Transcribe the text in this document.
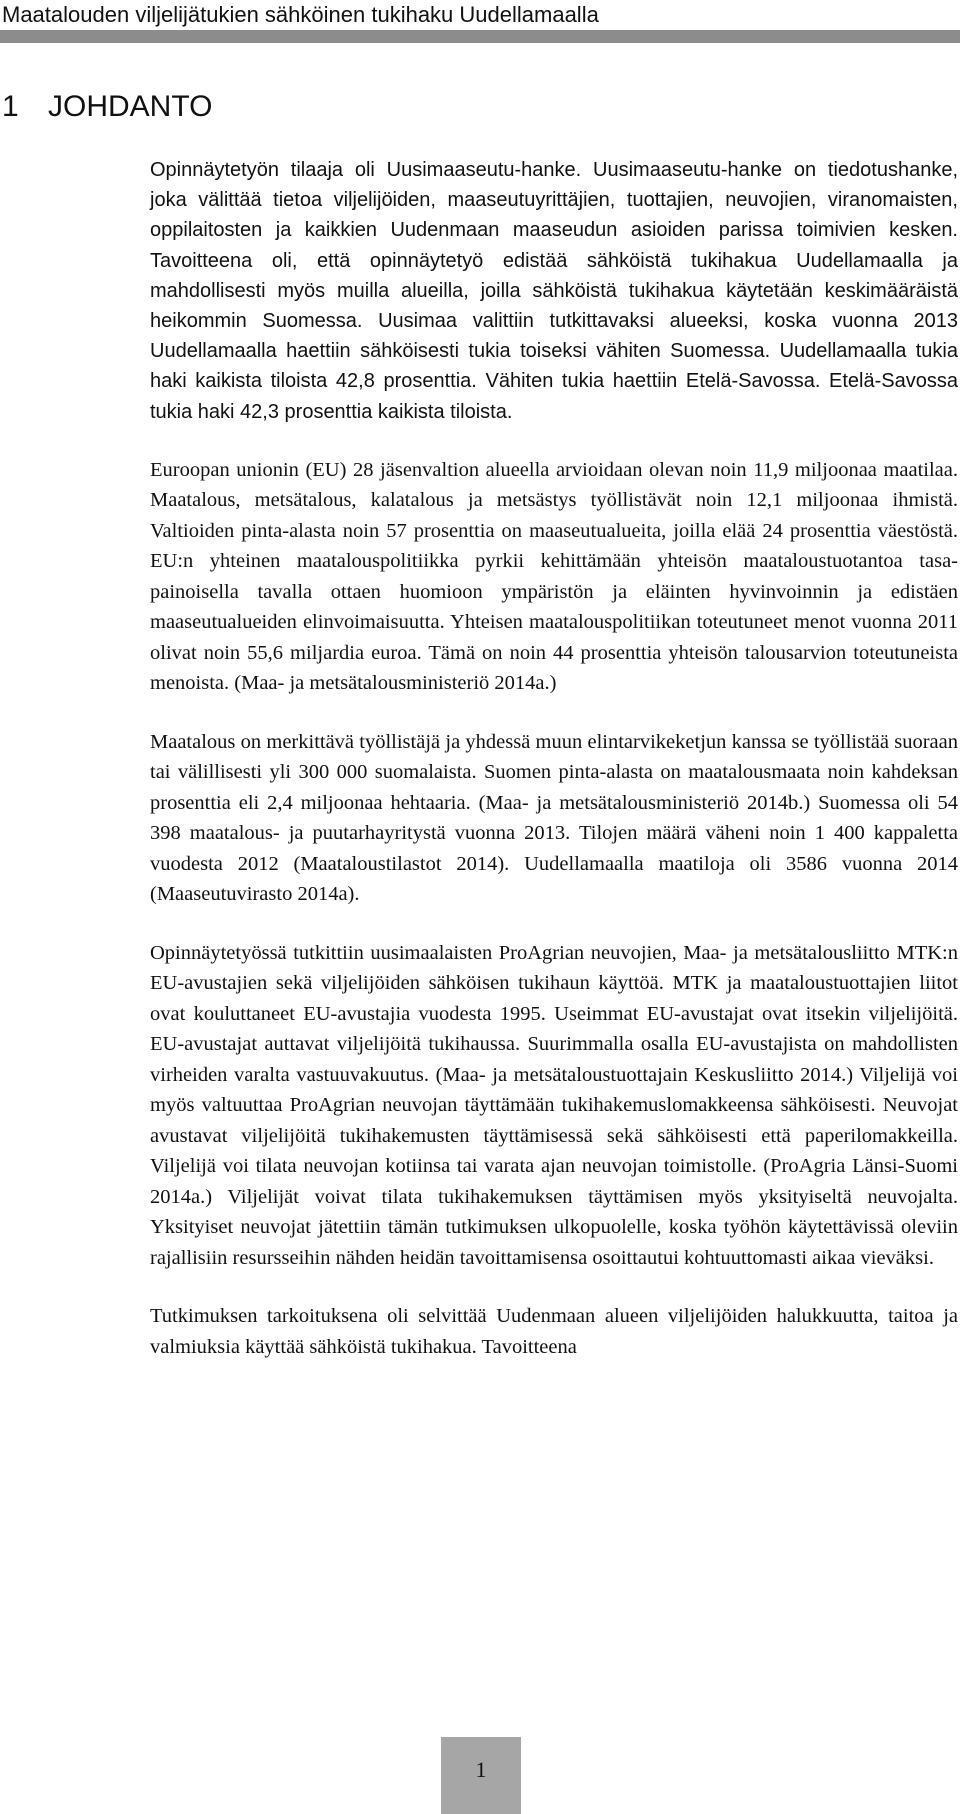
Maatalouden viljelijätukien sähköinen tukihaku Uudellamaalla
1 JOHDANTO

Opinnäytetyön tilaaja oli Uusimaaseutu-hanke. Uusimaaseutu-hanke on tiedotushanke, joka välittää tietoa viljelijöiden, maaseutuyrittäjien, tuottajien, neuvojien, viranomaisten, oppilaitosten ja kaikkien Uudenmaan maaseudun asioiden parissa toimivien kesken. Tavoitteena oli, että opinnäytetyö edistää sähköistä tukihakua Uudellamaalla ja mahdollisesti myös muilla alueilla, joilla sähköistä tukihakua käytetään keskimääräistä heikommin Suomessa. Uusimaa valittiin tutkittavaksi alueeksi, koska vuonna 2013 Uudellamaalla haettiin sähköisesti tukia toiseksi vähiten Suomessa. Uudellamaalla tukia haki kaikista tiloista 42,8 prosenttia. Vähiten tukia haettiin Etelä-Savossa. Etelä-Savossa tukia haki 42,3 prosenttia kaikista tiloista.

Euroopan unionin (EU) 28 jäsenvaltion alueella arvioidaan olevan noin 11,9 miljoonaa maatilaa. Maatalous, metsätalous, kalatalous ja metsästys työllistävät noin 12,1 miljoonaa ihmistä. Valtioiden pinta-alasta noin 57 prosenttia on maaseutualueita, joilla elää 24 prosenttia väestöstä. EU:n yhteinen maatalouspolitiikka pyrkii kehittämään yhteisön maataloustuotantoa tasa-painoisella tavalla ottaen huomioon ympäristön ja eläinten hyvinvoinnin ja edistäen maaseutualueiden elinvoimaisuutta. Yhteisen maatalouspolitiikan toteutuneet menot vuonna 2011 olivat noin 55,6 miljardia euroa. Tämä on noin 44 prosenttia yhteisön talousarvion toteutuneista menoista. (Maa- ja metsätalousministeriö 2014a.)

Maatalous on merkittävä työllistäjä ja yhdessä muun elintarvikeketjun kanssa se työllistää suoraan tai välillisesti yli 300 000 suomalaista. Suomen pinta-alasta on maatalousmaata noin kahdeksan prosenttia eli 2,4 miljoonaa hehtaaria. (Maa- ja metsätalousministeriö 2014b.) Suomessa oli 54 398 maatalous- ja puutarhayritystä vuonna 2013. Tilojen määrä väheni noin 1 400 kappaletta vuodesta 2012 (Maataloustilastot 2014). Uudellamaalla maatiloja oli 3586 vuonna 2014 (Maaseutuvirasto 2014a).

Opinnäytetyössä tutkittiin uusimaalaisten ProAgrian neuvojien, Maa- ja metsätalousliitto MTK:n EU-avustajien sekä viljelijöiden sähköisen tukihaun käyttöä. MTK ja maataloustuottajien liitot ovat kouluttaneet EU-avustajia vuodesta 1995. Useimmat EU-avustajat ovat itsekin viljelijöitä. EU-avustajat auttavat viljelijöitä tukihaussa. Suurimmalla osalla EU-avustajista on mahdollisten virheiden varalta vastuuvakuutus. (Maa- ja metsätaloustuottajain Keskusliitto 2014.) Viljelijä voi myös valtuuttaa ProAgrian neuvojan täyttämään tukihakemuslomakkeensa sähköisesti. Neuvojat avustavat viljelijöitä tukihakemusten täyttämisessä sekä sähköisesti että paperilomakkeilla. Viljelijä voi tilata neuvojan kotiinsa tai varata ajan neuvojan toimistolle. (ProAgria Länsi-Suomi 2014a.) Viljelijät voivat tilata tukihakemuksen täyttämisen myös yksityiseltä neuvojalta. Yksityiset neuvojat jätettiin tämän tutkimuksen ulkopuolelle, koska työhön käytettävissä oleviin rajallisiin resursseihin nähden heidän tavoittamisensa osoittautui kohtuuttomasti aikaa vieväksi.

Tutkimuksen tarkoituksena oli selvittää Uudenmaan alueen viljelijöiden halukkuutta, taitoa ja valmiuksia käyttää sähköistä tukihakua. Tavoitteena

1
